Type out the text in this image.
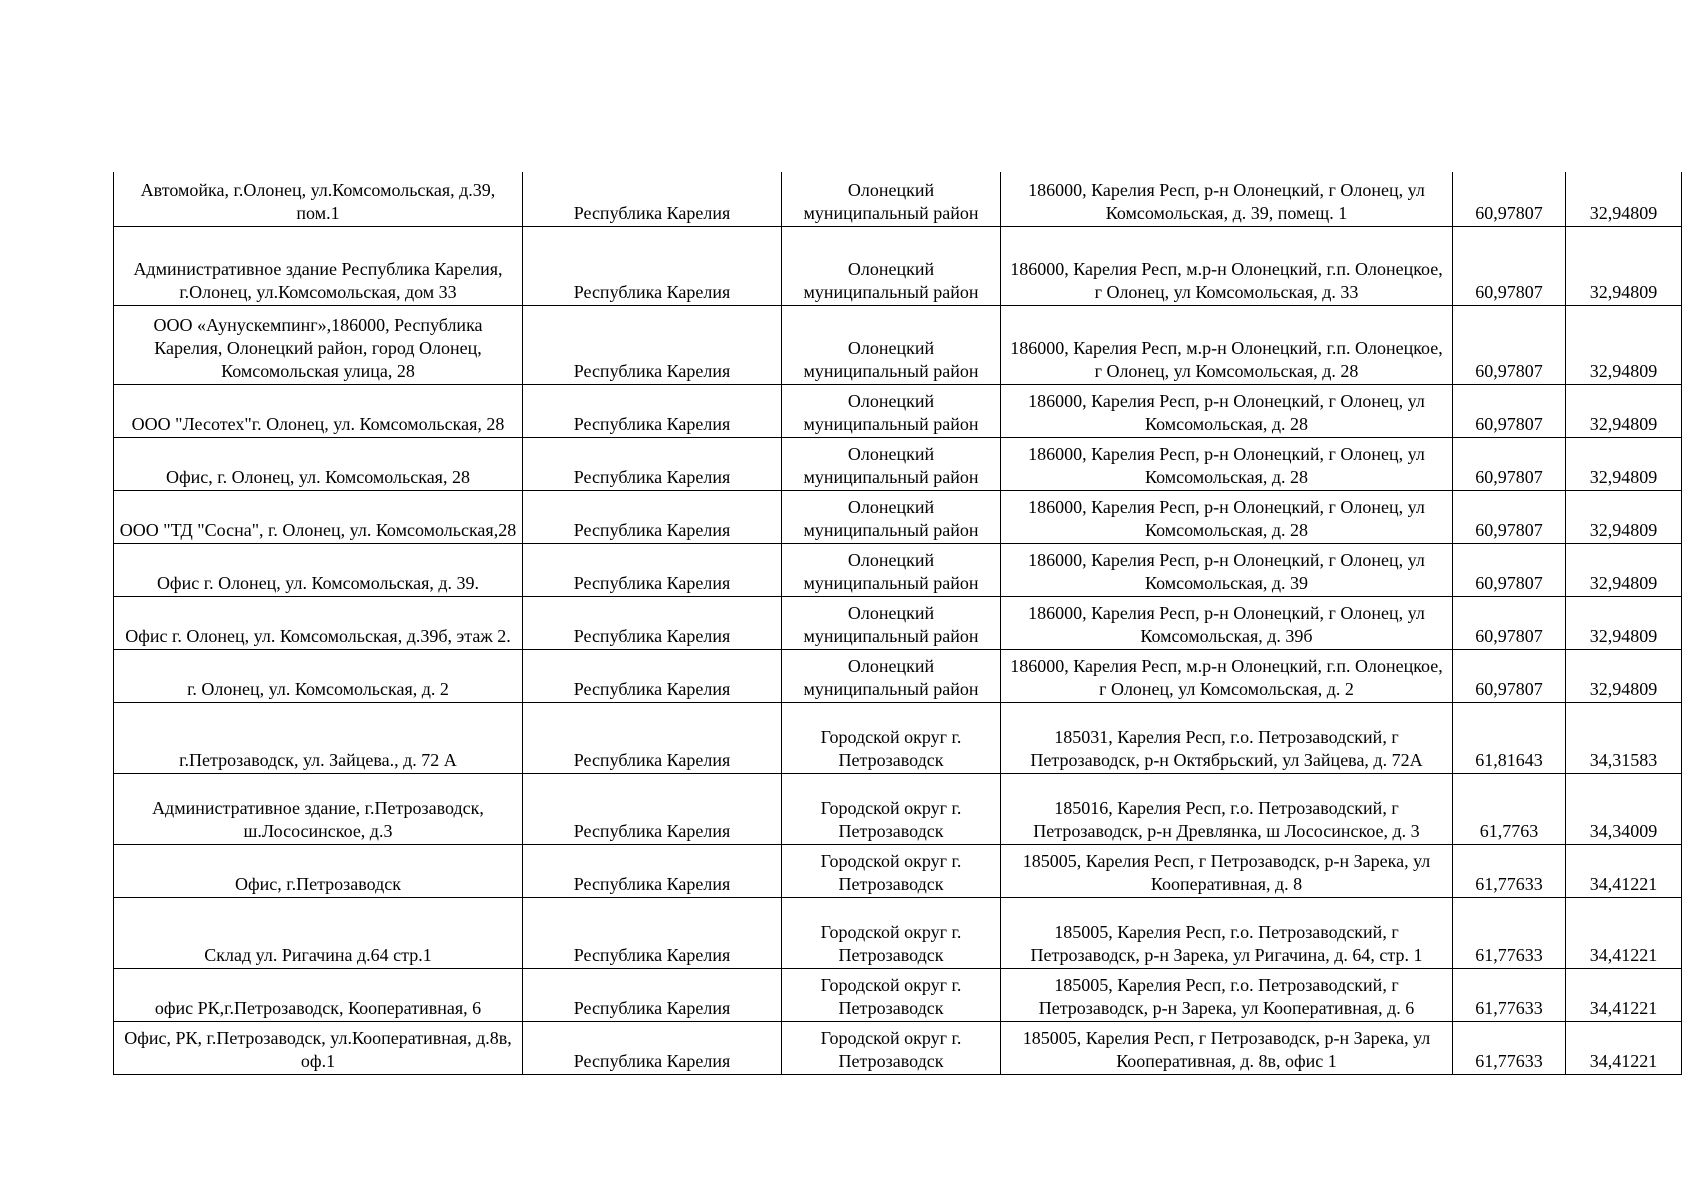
Автомойка, г.Олонец, ул.Комсомольская, д.39, пом.1	Республика Карелия	Олонецкий муниципальный район	186000, Карелия Респ, р-н Олонецкий, г Олонец, ул Комсомольская, д. 39, помещ. 1	60,97807	32,94809
Административное здание Республика Карелия, г.Олонец, ул.Комсомольская, дом 33	Республика Карелия	Олонецкий муниципальный район	186000, Карелия Респ, м.р-н Олонецкий, г.п. Олонецкое, г Олонец, ул Комсомольская, д. 33	60,97807	32,94809
ООО «Аунускемпинг»,186000, Республика Карелия, Олонецкий район, город Олонец, Комсомольская улица, 28	Республика Карелия	Олонецкий муниципальный район	186000, Карелия Респ, м.р-н Олонецкий, г.п. Олонецкое, г Олонец, ул Комсомольская, д. 28	60,97807	32,94809
ООО "Лесотех"г. Олонец, ул. Комсомольская, 28	Республика Карелия	Олонецкий муниципальный район	186000, Карелия Респ, р-н Олонецкий, г Олонец, ул Комсомольская, д. 28	60,97807	32,94809
Офис, г. Олонец, ул. Комсомольская, 28	Республика Карелия	Олонецкий муниципальный район	186000, Карелия Респ, р-н Олонецкий, г Олонец, ул Комсомольская, д. 28	60,97807	32,94809
ООО "ТД "Сосна", г. Олонец, ул. Комсомольская,28	Республика Карелия	Олонецкий муниципальный район	186000, Карелия Респ, р-н Олонецкий, г Олонец, ул Комсомольская, д. 28	60,97807	32,94809
Офис г. Олонец, ул. Комсомольская, д. 39.	Республика Карелия	Олонецкий муниципальный район	186000, Карелия Респ, р-н Олонецкий, г Олонец, ул Комсомольская, д. 39	60,97807	32,94809
Офис г. Олонец, ул. Комсомольская, д.39б, этаж 2.	Республика Карелия	Олонецкий муниципальный район	186000, Карелия Респ, р-н Олонецкий, г Олонец, ул Комсомольская, д. 39б	60,97807	32,94809
г. Олонец, ул. Комсомольская, д. 2	Республика Карелия	Олонецкий муниципальный район	186000, Карелия Респ, м.р-н Олонецкий, г.п. Олонецкое, г Олонец, ул Комсомольская, д. 2	60,97807	32,94809
г.Петрозаводск, ул. Зайцева., д. 72 А	Республика Карелия	Городской округ г. Петрозаводск	185031, Карелия Респ, г.о. Петрозаводский, г Петрозаводск, р-н Октябрьский, ул Зайцева, д. 72А	61,81643	34,31583
Административное здание, г.Петрозаводск, ш.Лососинское, д.3	Республика Карелия	Городской округ г. Петрозаводск	185016, Карелия Респ, г.о. Петрозаводский, г Петрозаводск, р-н Древлянка, ш Лососинское, д. 3	61,7763	34,34009
Офис, г.Петрозаводск	Республика Карелия	Городской округ г. Петрозаводск	185005, Карелия Респ, г Петрозаводск, р-н Зарека, ул Кооперативная, д. 8	61,77633	34,41221
Склад ул. Ригачина д.64 стр.1	Республика Карелия	Городской округ г. Петрозаводск	185005, Карелия Респ, г.о. Петрозаводский, г Петрозаводск, р-н Зарека, ул Ригачина, д. 64, стр. 1	61,77633	34,41221
офис РК,г.Петрозаводск, Кооперативная, 6	Республика Карелия	Городской округ г. Петрозаводск	185005, Карелия Респ, г.о. Петрозаводский, г Петрозаводск, р-н Зарека, ул Кооперативная, д. 6	61,77633	34,41221
Офис, РК, г.Петрозаводск, ул.Кооперативная, д.8в, оф.1	Республика Карелия	Городской округ г. Петрозаводск	185005, Карелия Респ, г Петрозаводск, р-н Зарека, ул Кооперативная, д. 8в, офис 1	61,77633	34,41221
